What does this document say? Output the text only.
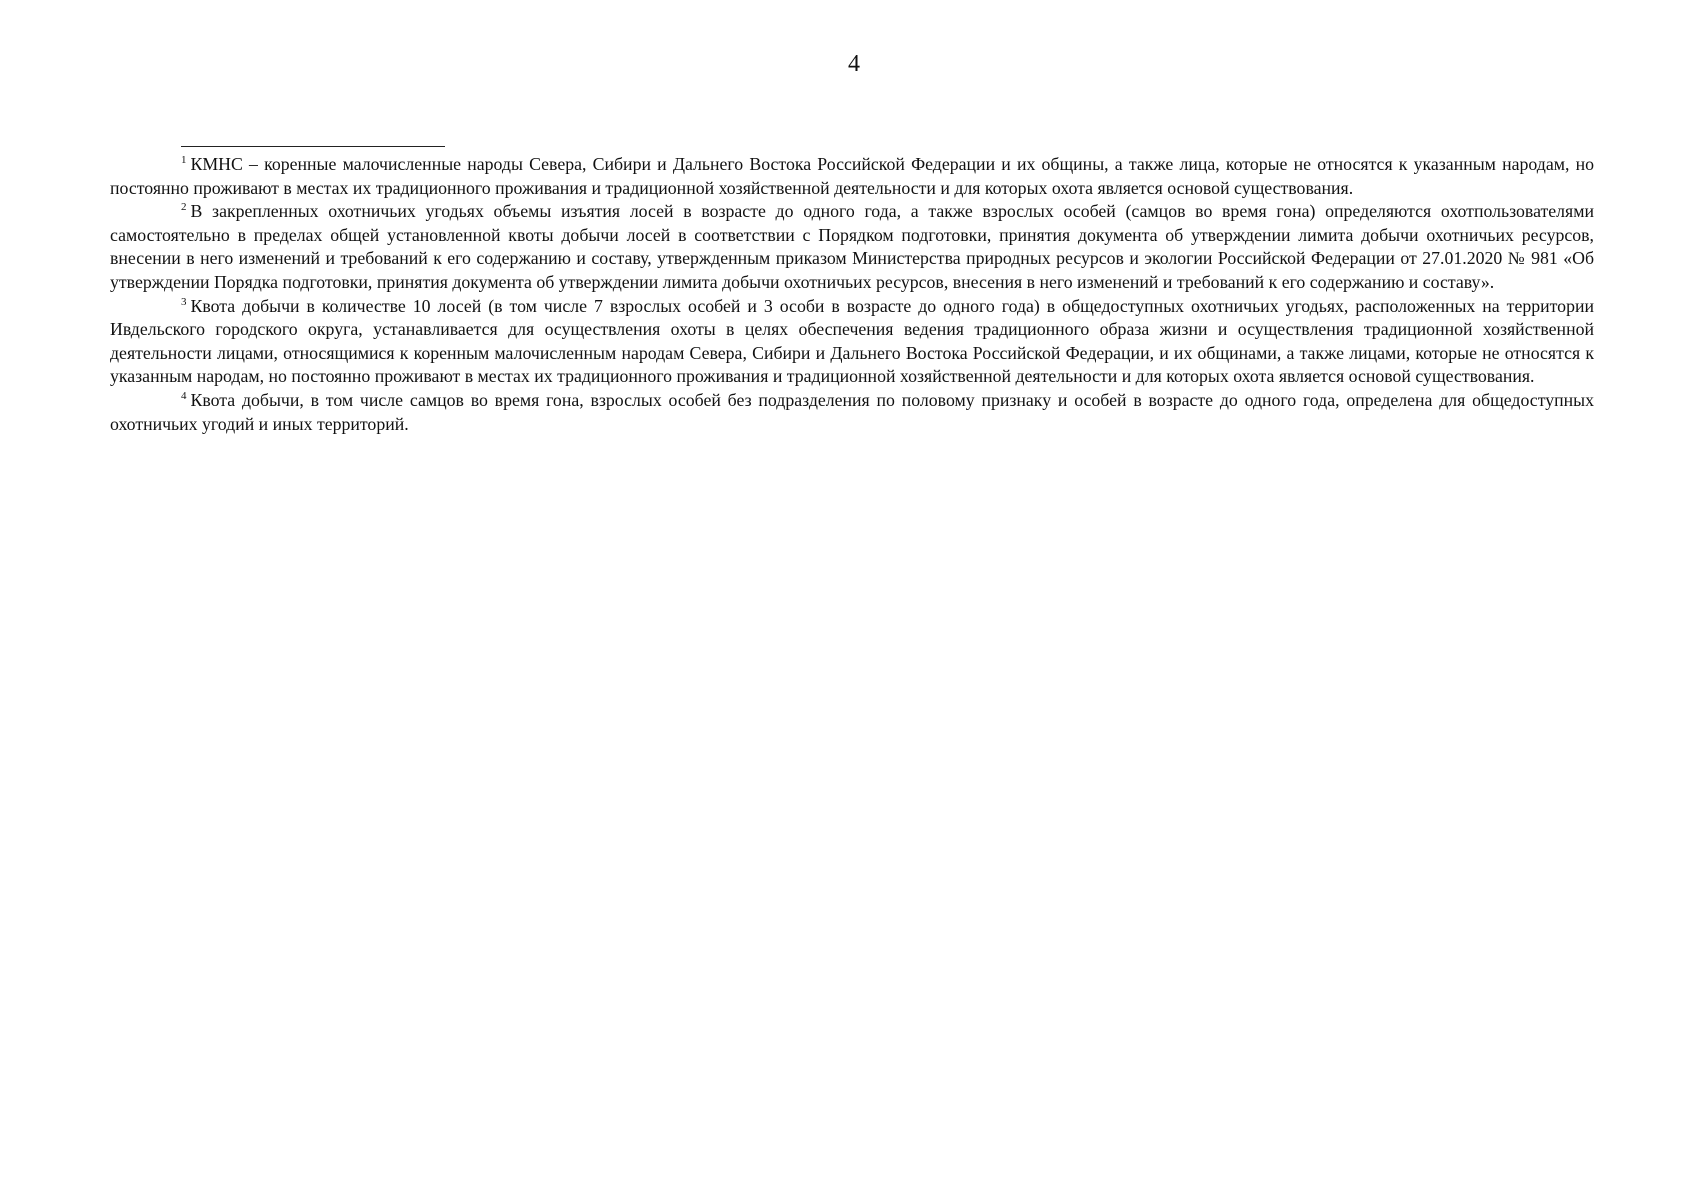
4

$^1$ КМНС – коренные малочисленные народы Севера, Сибири и Дальнего Востока Российской Федерации и их общины, а также лица, которые не относятся к указанным народам, но постоянно проживают в местах их традиционного проживания и традиционной хозяйственной деятельности и для которых охота является основой существования.

$^2$ В закрепленных охотничьих угодьях объемы изъятия лосей в возрасте до одного года, а также взрослых особей (самцов во время гона) определяются охотпользователями самостоятельно в пределах общей установленной квоты добычи лосей в соответствии с Порядком подготовки, принятия документа об утверждении лимита добычи охотничьих ресурсов, внесении в него изменений и требований к его содержанию и составу, утвержденным приказом Министерства природных ресурсов и экологии Российской Федерации от 27.01.2020 № 981 «Об утверждении Порядка подготовки, принятия документа об утверждении лимита добычи охотничьих ресурсов, внесения в него изменений и требований к его содержанию и составу».

$^3$ Квота добычи в количестве 10 лосей (в том числе 7 взрослых особей и 3 особи в возрасте до одного года) в общедоступных охотничьих угодьях, расположенных на территории Ивдельского городского округа, устанавливается для осуществления охоты в целях обеспечения ведения традиционного образа жизни и осуществления традиционной хозяйственной деятельности лицами, относящимися к коренным малочисленным народам Севера, Сибири и Дальнего Востока Российской Федерации, и их общинами, а также лицами, которые не относятся к указанным народам, но постоянно проживают в местах их традиционного проживания и традиционной хозяйственной деятельности и для которых охота является основой существования.

$^4$ Квота добычи, в том числе самцов во время гона, взрослых особей без подразделения по половому признаку и особей в возрасте до одного года, определена для общедоступных охотничьих угодий и иных территорий.
